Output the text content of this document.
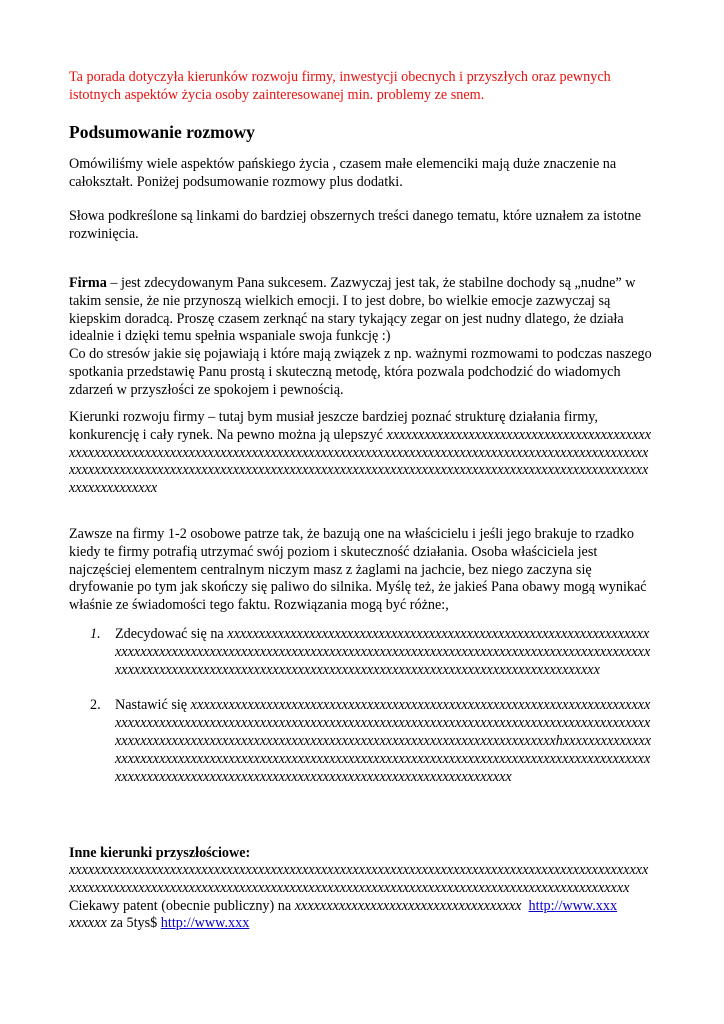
Ta porada dotyczyła kierunków rozwoju firmy, inwestycji obecnych i przyszłych oraz pewnych istotnych aspektów życia osoby zainteresowanej min. problemy ze snem.

Podsumowanie rozmowy

Omówiliśmy wiele aspektów pańskiego życia , czasem małe elemenciki mają duże znaczenie na całokształt. Poniżej podsumowanie rozmowy plus dodatki.

Słowa podkreślone są linkami do bardziej obszernych treści danego tematu, które uznałem za istotne rozwinięcia.

Firma – jest zdecydowanym Pana sukcesem. Zazwyczaj jest tak, że stabilne dochody są „nudne” w takim sensie, że nie przynoszą wielkich emocji. I to jest dobre, bo wielkie emocje zazwyczaj są kiepskim doradcą. Proszę czasem zerknąć na stary tykający zegar on jest nudny dlatego, że działa idealnie i dzięki temu spełnia wspaniale swoja funkcję :)
Co do stresów jakie się pojawiają i które mają związek z np. ważnymi rozmowami to podczas naszego spotkania przedstawię Panu prostą i skuteczną metodę, która pozwala podchodzić do wiadomych zdarzeń w przyszłości ze spokojem i pewnością.

Kierunki rozwoju firmy – tutaj bym musiał jeszcze bardziej poznać strukturę działania firmy, konkurencję i cały rynek. Na pewno można ją ulepszyć xxxxxxxxxxxxxxxxxxxxxxxxxxxxxxxxxxxxxxxxxxxxxxxxxxxxxxxxxxxxxxxxxxxxxxxxxxxxxxxxxxxxxxxxxxxxxxxxxxxxxxxxxxxxxxxxxxxxxxxxxxxxxxxxxxxxxxxxxxxxxxxxxxxxxxxxxxxxxxxxxxxxxxxxxxxxxxxxxxxxxxxxxxxxxxxxxxxxxxxxxxxxxxxxxxxxxxxxxxxxxxxxxxxxxxxxxxxxxxxx

Zawsze na firmy 1-2 osobowe patrze tak, że bazują one na właścicielu i jeśli jego brakuje to rzadko kiedy te firmy potrafią utrzymać swój poziom i skuteczność działania. Osoba właściciela jest najczęściej elementem centralnym niczym masz z żaglami na jachcie, bez niego zaczyna się dryfowanie po tym jak skończy się paliwo do silnika. Myślę też, że jakieś Pana obawy mogą wynikać właśnie ze świadomości tego faktu. Rozwiązania mogą być różne:,

1. Zdecydować się na xxxxxxxxxxxxxxxxxxxxxxxxxxxxxxxxxxxxxxxxxxxxxxxxxxxxxxxxxxxxxxxxxxxxxxxxxxxxxxxxxxxxxxxxxxxxxxxxxxxxxxxxxxxxxxxxxxxxxxxxxxxxxxxxxxxxxxxxxxxxxxxxxxxxxxxxxxxxxxxxxxxxxxxxxxxxxxxxxxxxxxxxxxxxxxxxxxxxxxxxxxxxxxxxxxxxxxxxxxxxxxxxxxxxx

2. Nastawić się xxxxxxxxxxxxxxxxxxxxxxxxxxxxxxxxxxxxxxxxxxxxxxxxxxxxxxxxxxxxxxxxxxxxxxxxxxxxxxxxxxxxxxxxxxxxxxxxxxxxxxxxxxxxxxxxxxxxxxxxxxxxxxxxxxxxxxxxxxxxxxxxxxxxxxxxxxxxxxxxxxxxxxxxxxxxxxxxxxxxxxxxxxxxxxxxxxxxxxxxxxxxxxxxxxxxxxxxxxxxxxxxxxxxhxxxxxxxxxxxxxxxxxxxxxxxxxxxxxxxxxxxxxxxxxxxxxxxxxxxxxxxxxxxxxxxxxxxxxxxxxxxxxxxxxxxxxxxxxxxxxxxxxxxxxxxxxxxxxxxxxxxxxxxxxxxxxxxxxxxxxxxxxxxxxxxxxxxxxxxxxxxxxxxxxx

Inne kierunki przyszłościowe:

xxxxxxxxxxxxxxxxxxxxxxxxxxxxxxxxxxxxxxxxxxxxxxxxxxxxxxxxxxxxxxxxxxxxxxxxxxxxxxxxxxxxxxxxxxxxxxxxxxxxxxxxxxxxxxxxxxxxxxxxxxxxxxxxxxxxxxxxxxxxxxxxxxxxxxxxxxxxxxxxxxxxxxxxxxxxxxxxxxxxx
Ciekawy patent (obecnie publiczny) na xxxxxxxxxxxxxxxxxxxxxxxxxxxxxxxxxxxx http://www.xxx
xxxxxx za 5tys$ http://www.xxx
